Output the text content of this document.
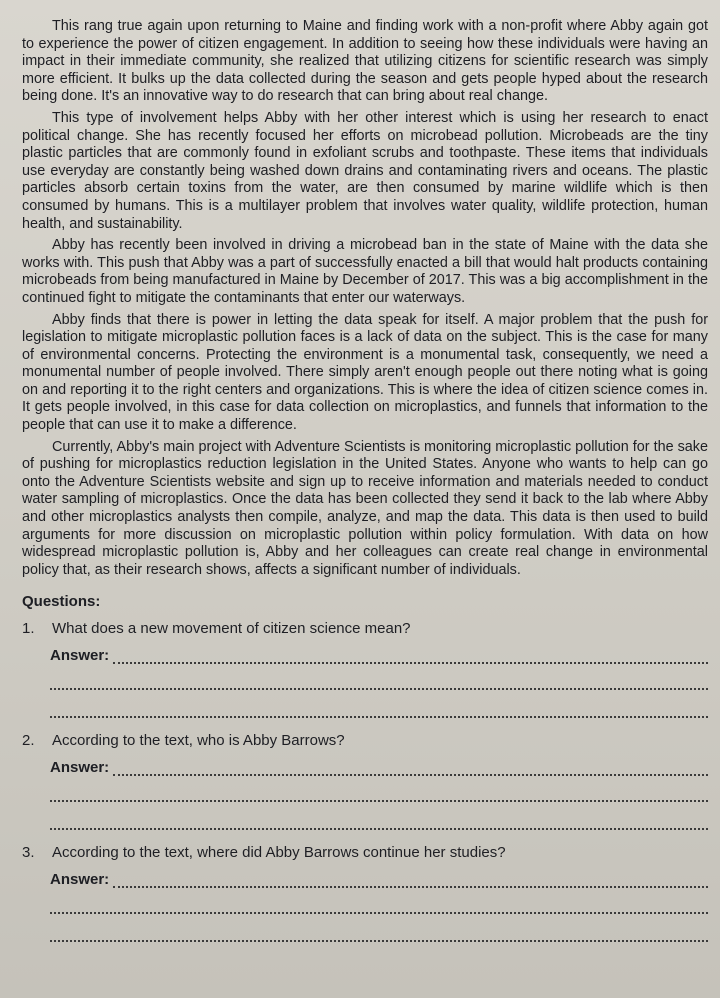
This rang true again upon returning to Maine and finding work with a non-profit where Abby again got to experience the power of citizen engagement. In addition to seeing how these individuals were having an impact in their immediate community, she realized that utilizing citizens for scientific research was simply more efficient. It bulks up the data collected during the season and gets people hyped about the research being done. It's an innovative way to do research that can bring about real change.

This type of involvement helps Abby with her other interest which is using her research to enact political change. She has recently focused her efforts on microbead pollution. Microbeads are the tiny plastic particles that are commonly found in exfoliant scrubs and toothpaste. These items that individuals use everyday are constantly being washed down drains and contaminating rivers and oceans. The plastic particles absorb certain toxins from the water, are then consumed by marine wildlife which is then consumed by humans. This is a multilayer problem that involves water quality, wildlife protection, human health, and sustainability.

Abby has recently been involved in driving a microbead ban in the state of Maine with the data she works with. This push that Abby was a part of successfully enacted a bill that would halt products containing microbeads from being manufactured in Maine by December of 2017. This was a big accomplishment in the continued fight to mitigate the contaminants that enter our waterways.

Abby finds that there is power in letting the data speak for itself. A major problem that the push for legislation to mitigate microplastic pollution faces is a lack of data on the subject. This is the case for many of environmental concerns. Protecting the environment is a monumental task, consequently, we need a monumental number of people involved. There simply aren't enough people out there noting what is going on and reporting it to the right centers and organizations. This is where the idea of citizen science comes in. It gets people involved, in this case for data collection on microplastics, and funnels that information to the people that can use it to make a difference.

Currently, Abby's main project with Adventure Scientists is monitoring microplastic pollution for the sake of pushing for microplastics reduction legislation in the United States. Anyone who wants to help can go onto the Adventure Scientists website and sign up to receive information and materials needed to conduct water sampling of microplastics. Once the data has been collected they send it back to the lab where Abby and other microplastics analysts then compile, analyze, and map the data. This data is then used to build arguments for more discussion on microplastic pollution within policy formulation. With data on how widespread microplastic pollution is, Abby and her colleagues can create real change in environmental policy that, as their research shows, affects a significant number of individuals.

Questions:
1. What does a new movement of citizen science mean?
Answer:
2. According to the text, who is Abby Barrows?
Answer:
3. According to the text, where did Abby Barrows continue her studies?
Answer:
